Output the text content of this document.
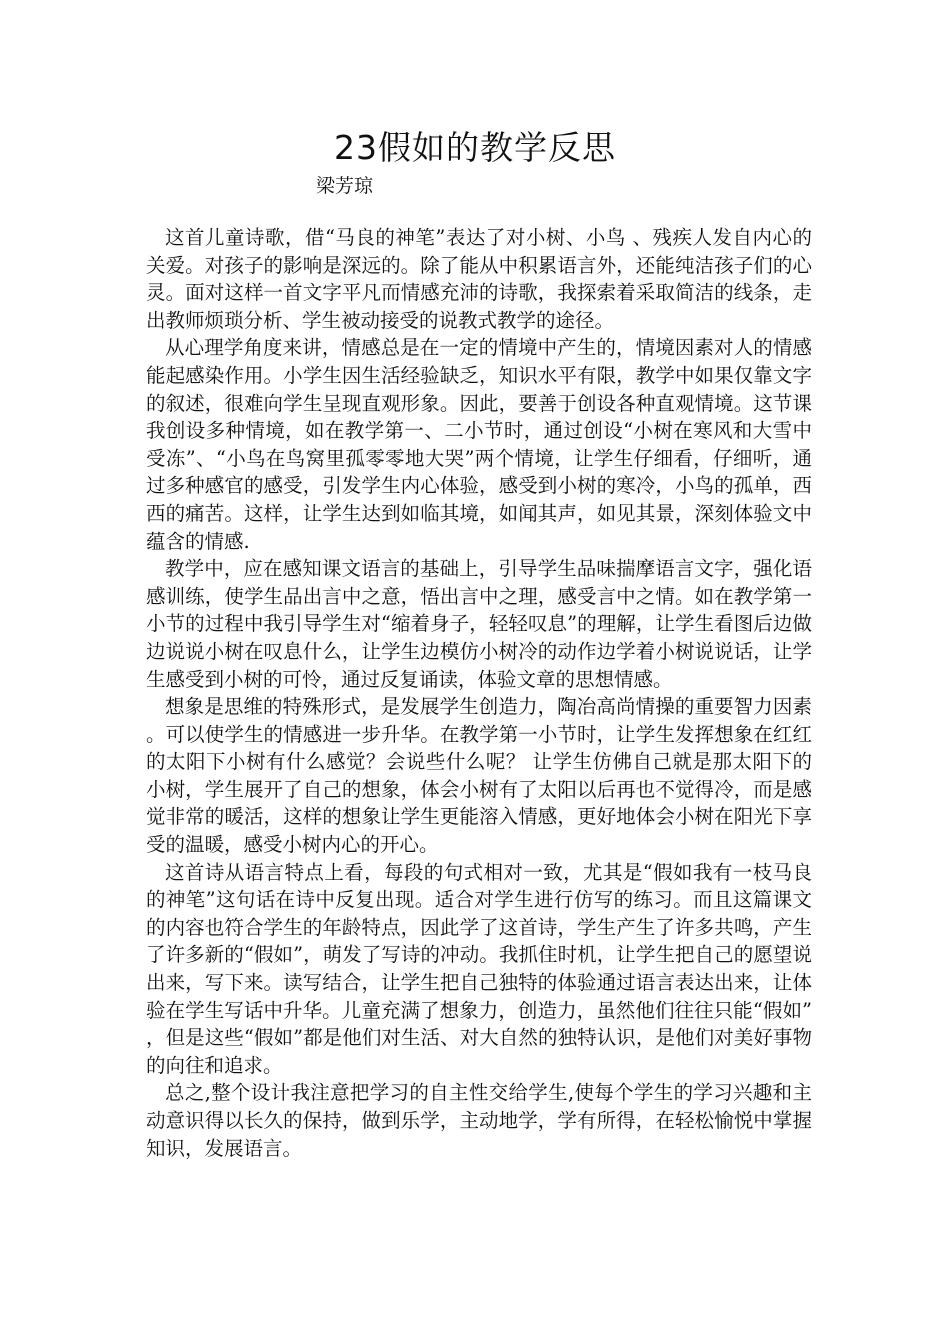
23假如的教学反思

梁芳琼

这首儿童诗歌，借“马良的神笔”表达了对小树、小鸟 、残疾人发自内心的关爱。对孩子的影响是深远的。除了能从中积累语言外，还能纯洁孩子们的心灵。面对这样一首文字平凡而情感充沛的诗歌，我探索着采取简洁的线条，走出教师烦琐分析、学生被动接受的说教式教学的途径。

从心理学角度来讲，情感总是在一定的情境中产生的，情境因素对人的情感能起感染作用。小学生因生活经验缺乏，知识水平有限，教学中如果仅靠文字的叙述，很难向学生呈现直观形象。因此，要善于创设各种直观情境。这节课我创设多种情境，如在教学第一、二小节时，通过创设“小树在寒风和大雪中受冻”、“小鸟在鸟窝里孤零零地大哭”两个情境，让学生仔细看，仔细听，通过多种感官的感受，引发学生内心体验，感受到小树的寒冷，小鸟的孤单，西西的痛苦。这样，让学生达到如临其境，如闻其声，如见其景，深刻体验文中蕴含的情感.

教学中，应在感知课文语言的基础上，引导学生品味揣摩语言文字，强化语感训练，使学生品出言中之意，悟出言中之理，感受言中之情。如在教学第一小节的过程中我引导学生对“缩着身子，轻轻叹息”的理解，让学生看图后边做边说说小树在叹息什么，让学生边模仿小树冷的动作边学着小树说说话，让学生感受到小树的可怜，通过反复诵读，体验文章的思想情感。

想象是思维的特殊形式，是发展学生创造力，陶冶高尚情操的重要智力因素。可以使学生的情感进一步升华。在教学第一小节时，让学生发挥想象在红红的太阳下小树有什么感觉？会说些什么呢？ 让学生仿佛自己就是那太阳下的小树，学生展开了自己的想象，体会小树有了太阳以后再也不觉得冷，而是感觉非常的暖活，这样的想象让学生更能溶入情感，更好地体会小树在阳光下享受的温暖，感受小树内心的开心。

这首诗从语言特点上看，每段的句式相对一致，尤其是“假如我有一枝马良的神笔”这句话在诗中反复出现。适合对学生进行仿写的练习。而且这篇课文的内容也符合学生的年龄特点，因此学了这首诗，学生产生了许多共鸣，产生了许多新的“假如”，萌发了写诗的冲动。我抓住时机，让学生把自己的愿望说出来，写下来。读写结合，让学生把自己独特的体验通过语言表达出来，让体验在学生写话中升华。儿童充满了想象力，创造力，虽然他们往往只能“假如”，但是这些“假如”都是他们对生活、对大自然的独特认识，是他们对美好事物的向往和追求。

总之,整个设计我注意把学习的自主性交给学生,使每个学生的学习兴趣和主动意识得以长久的保持，做到乐学，主动地学，学有所得，在轻松愉悦中掌握知识，发展语言。
